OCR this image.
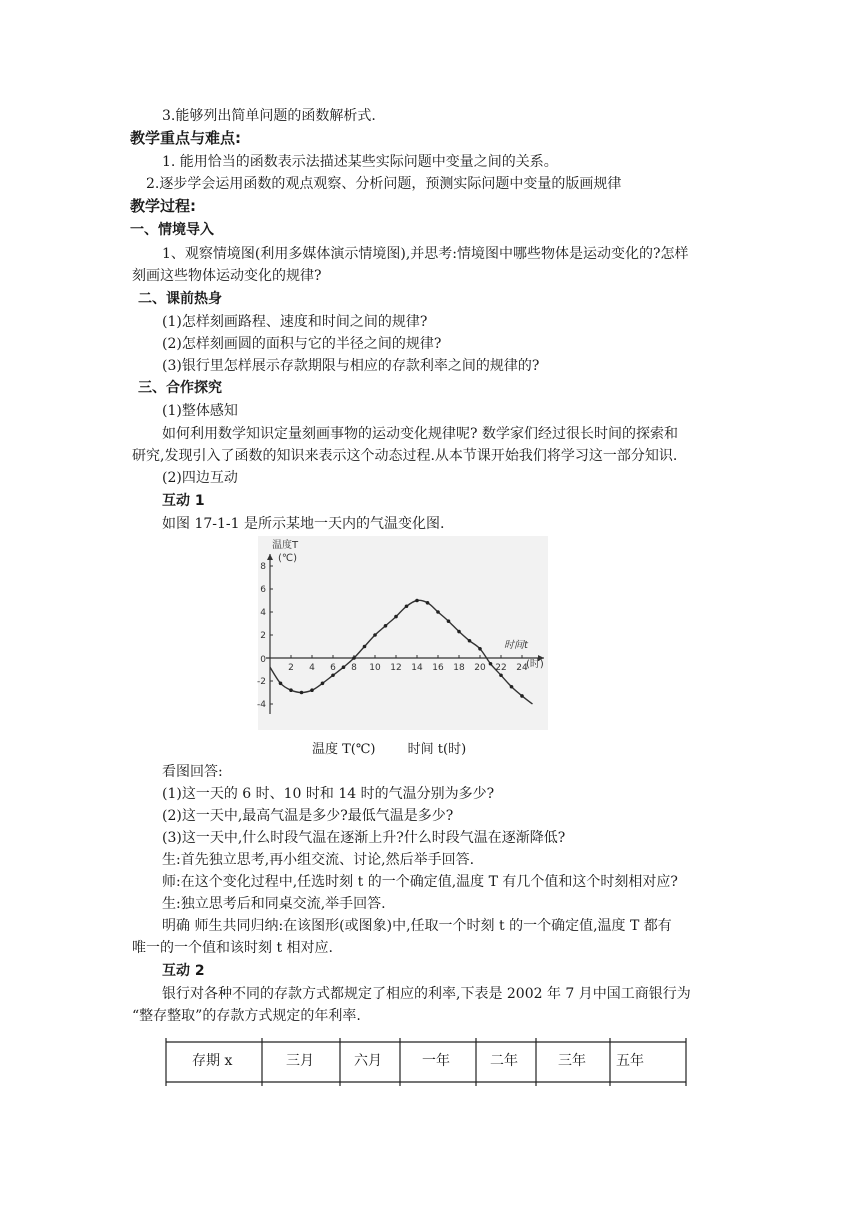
3.能够列出简单问题的函数解析式.
教学重点与难点:
1. 能用恰当的函数表示法描述某些实际问题中变量之间的关系。
2.逐步学会运用函数的观点观察、分析问题，预测实际问题中变量的版画规律
教学过程:
一、情境导入
1、观察情境图(利用多媒体演示情境图),并思考:情境图中哪些物体是运动变化的?怎样
刻画这些物体运动变化的规律?
二、课前热身
(1)怎样刻画路程、速度和时间之间的规律?
(2)怎样刻画圆的面积与它的半径之间的规律?
(3)银行里怎样展示存款期限与相应的存款利率之间的规律的?
三、合作探究
(1)整体感知
如何利用数学知识定量刻画事物的运动变化规律呢? 数学家们经过很长时间的探索和
研究,发现引入了函数的知识来表示这个动态过程.从本节课开始我们将学习这一部分知识.
(2)四边互动
互动 1
如图 17-1-1 是所示某地一天内的气温变化图.
2 4 6 8 10 12 14 16 18 20 22 24
-4
-2
0
2
4
6
8
温度T
(℃)
时间t
(时)
温度 T(℃) 时间 t(时)
看图回答:
(1)这一天的 6 时、10 时和 14 时的气温分别为多少?
(2)这一天中,最高气温是多少?最低气温是多少?
(3)这一天中,什么时段气温在逐渐上升?什么时段气温在逐渐降低?
生:首先独立思考,再小组交流、讨论,然后举手回答.
师:在这个变化过程中,任选时刻 t 的一个确定值,温度 T 有几个值和这个时刻相对应?
生:独立思考后和同桌交流,举手回答.
明确 师生共同归纳:在该图形(或图象)中,任取一个时刻 t 的一个确定值,温度 T 都有
唯一的一个值和该时刻 t 相对应.
互动 2
银行对各种不同的存款方式都规定了相应的利率,下表是 2002 年 7 月中国工商银行为
“整存整取”的存款方式规定的年利率.
存期 x	三月	六月	一年	二年	三年 五年
